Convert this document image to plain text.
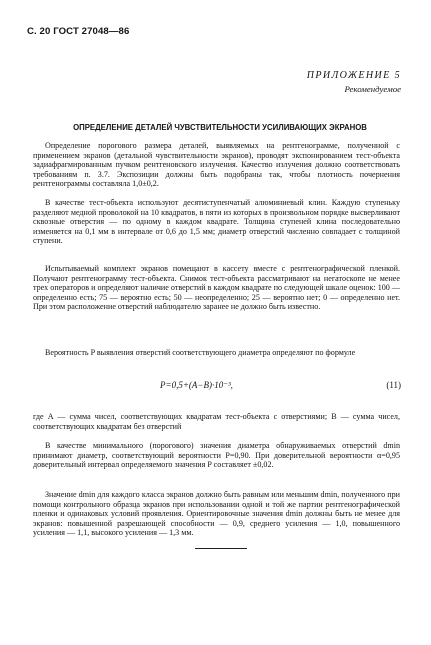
С. 20 ГОСТ 27048—86
ПРИЛОЖЕНИЕ 5
Рекомендуемое
ОПРЕДЕЛЕНИЕ ДЕТАЛЕЙ ЧУВСТВИТЕЛЬНОСТИ УСИЛИВАЮЩИХ ЭКРАНОВ
Определение порогового размера деталей, выявляемых на рентгенограмме, полученной с применением экранов (детальной чувствительности экранов), проводят экспонированием тест-объекта задиафрагмированным пучком рентгеновского излучения. Качество излучения должно соответствовать требованиям п. 3.7. Экспозиции должны быть подобраны так, чтобы плотность почернения рентгенограммы составляла 1,0±0,2.
В качестве тест-объекта используют десятиступенчатый алюминиевый клин. Каждую ступеньку разделяют медной проволокой на 10 квадратов, в пяти из которых в произвольном порядке высверливают сквозные отверстия — по одному в каждом квадрате. Толщина ступеней клина последовательно изменяется на 0,1 мм в интервале от 0,6 до 1,5 мм; диаметр отверстий численно совпадает с толщиной ступени.
Испытываемый комплект экранов помещают в кассету вместе с рентгенографической пленкой. Получают рентгенограмму тест-объекта. Снимок тест-объекта рассматривают на негатоскопе не менее трех операторов и определяют наличие отверстий в каждом квадрате по следующей шкале оценок: 100 — определенно есть; 75 — вероятно есть; 50 — неопределенно; 25 — вероятно нет; 0 — определенно нет. При этом расположение отверстий наблюдателю заранее не должно быть известно.
Вероятность P выявления отверстий соответствующего диаметра определяют по формуле
P=0,5+(A−B)·10⁻³,	(11)
где A — сумма чисел, соответствующих квадратам тест-объекта с отверстиями; B — сумма чисел, соответствующих квадратам без отверстий
В качестве минимального (порогового) значения диаметра обнаруживаемых отверстий dmin принимают диаметр, соответствующий вероятности P=0,90. При доверительной вероятности α=0,95 доверительный интервал определяемого значения P составляет ±0,02.
Значение dmin для каждого класса экранов должно быть равным или меньшим dmin, полученного при помощи контрольного образца экранов при использовании одной и той же партии рентгенографической пленки и одинаковых условий проявления. Ориентировочные значения dmin должны быть не менее для экранов: повышенной разрешающей способности — 0,9, среднего усиления — 1,0, повышенного усиления — 1,1, высокого усиления — 1,3 мм.
